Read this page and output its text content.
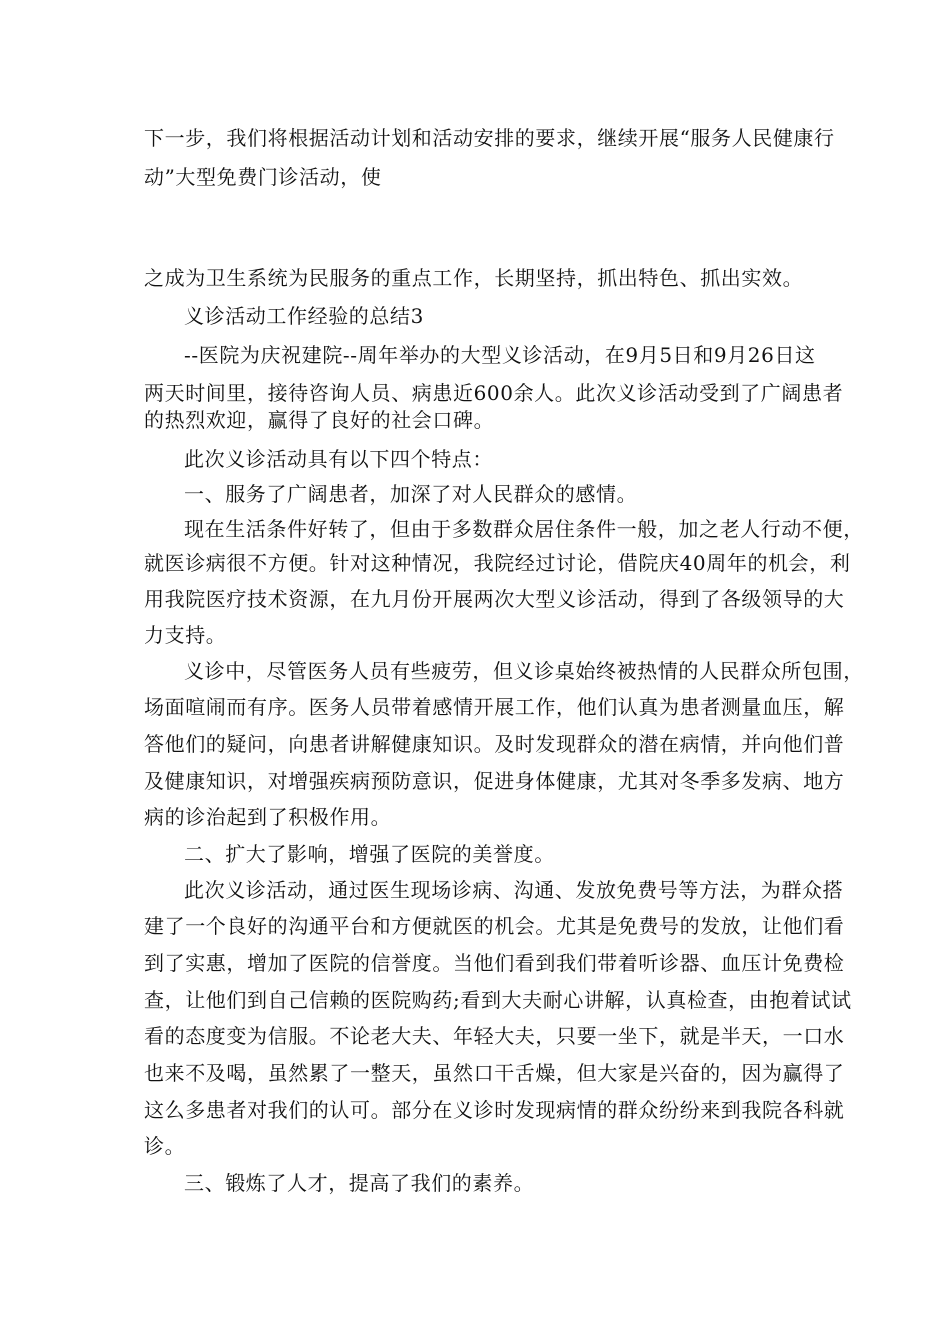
下一步，我们将根据活动计划和活动安排的要求，继续开展“服务人民健康行
动”大型免费门诊活动，使
之成为卫生系统为民服务的重点工作，长期坚持，抓出特色、抓出实效。
义诊活动工作经验的总结3
--医院为庆祝建院--周年举办的大型义诊活动，在9月5日和9月26日这
两天时间里，接待咨询人员、病患近600余人。此次义诊活动受到了广阔患者
的热烈欢迎，赢得了良好的社会口碑。
此次义诊活动具有以下四个特点：
一、服务了广阔患者，加深了对人民群众的感情。
现在生活条件好转了，但由于多数群众居住条件一般，加之老人行动不便，
就医诊病很不方便。针对这种情况，我院经过讨论，借院庆40周年的机会，利
用我院医疗技术资源，在九月份开展两次大型义诊活动，得到了各级领导的大
力支持。
义诊中，尽管医务人员有些疲劳，但义诊桌始终被热情的人民群众所包围，
场面喧闹而有序。医务人员带着感情开展工作，他们认真为患者测量血压，解
答他们的疑问，向患者讲解健康知识。及时发现群众的潜在病情，并向他们普
及健康知识，对增强疾病预防意识，促进身体健康，尤其对冬季多发病、地方
病的诊治起到了积极作用。
二、扩大了影响，增强了医院的美誉度。
此次义诊活动，通过医生现场诊病、沟通、发放免费号等方法，为群众搭
建了一个良好的沟通平台和方便就医的机会。尤其是免费号的发放，让他们看
到了实惠，增加了医院的信誉度。当他们看到我们带着听诊器、血压计免费检
查，让他们到自己信赖的医院购药;看到大夫耐心讲解，认真检查，由抱着试试
看的态度变为信服。不论老大夫、年轻大夫，只要一坐下，就是半天，一口水
也来不及喝，虽然累了一整天，虽然口干舌燥，但大家是兴奋的，因为赢得了
这么多患者对我们的认可。部分在义诊时发现病情的群众纷纷来到我院各科就
诊。
三、锻炼了人才，提高了我们的素养。
